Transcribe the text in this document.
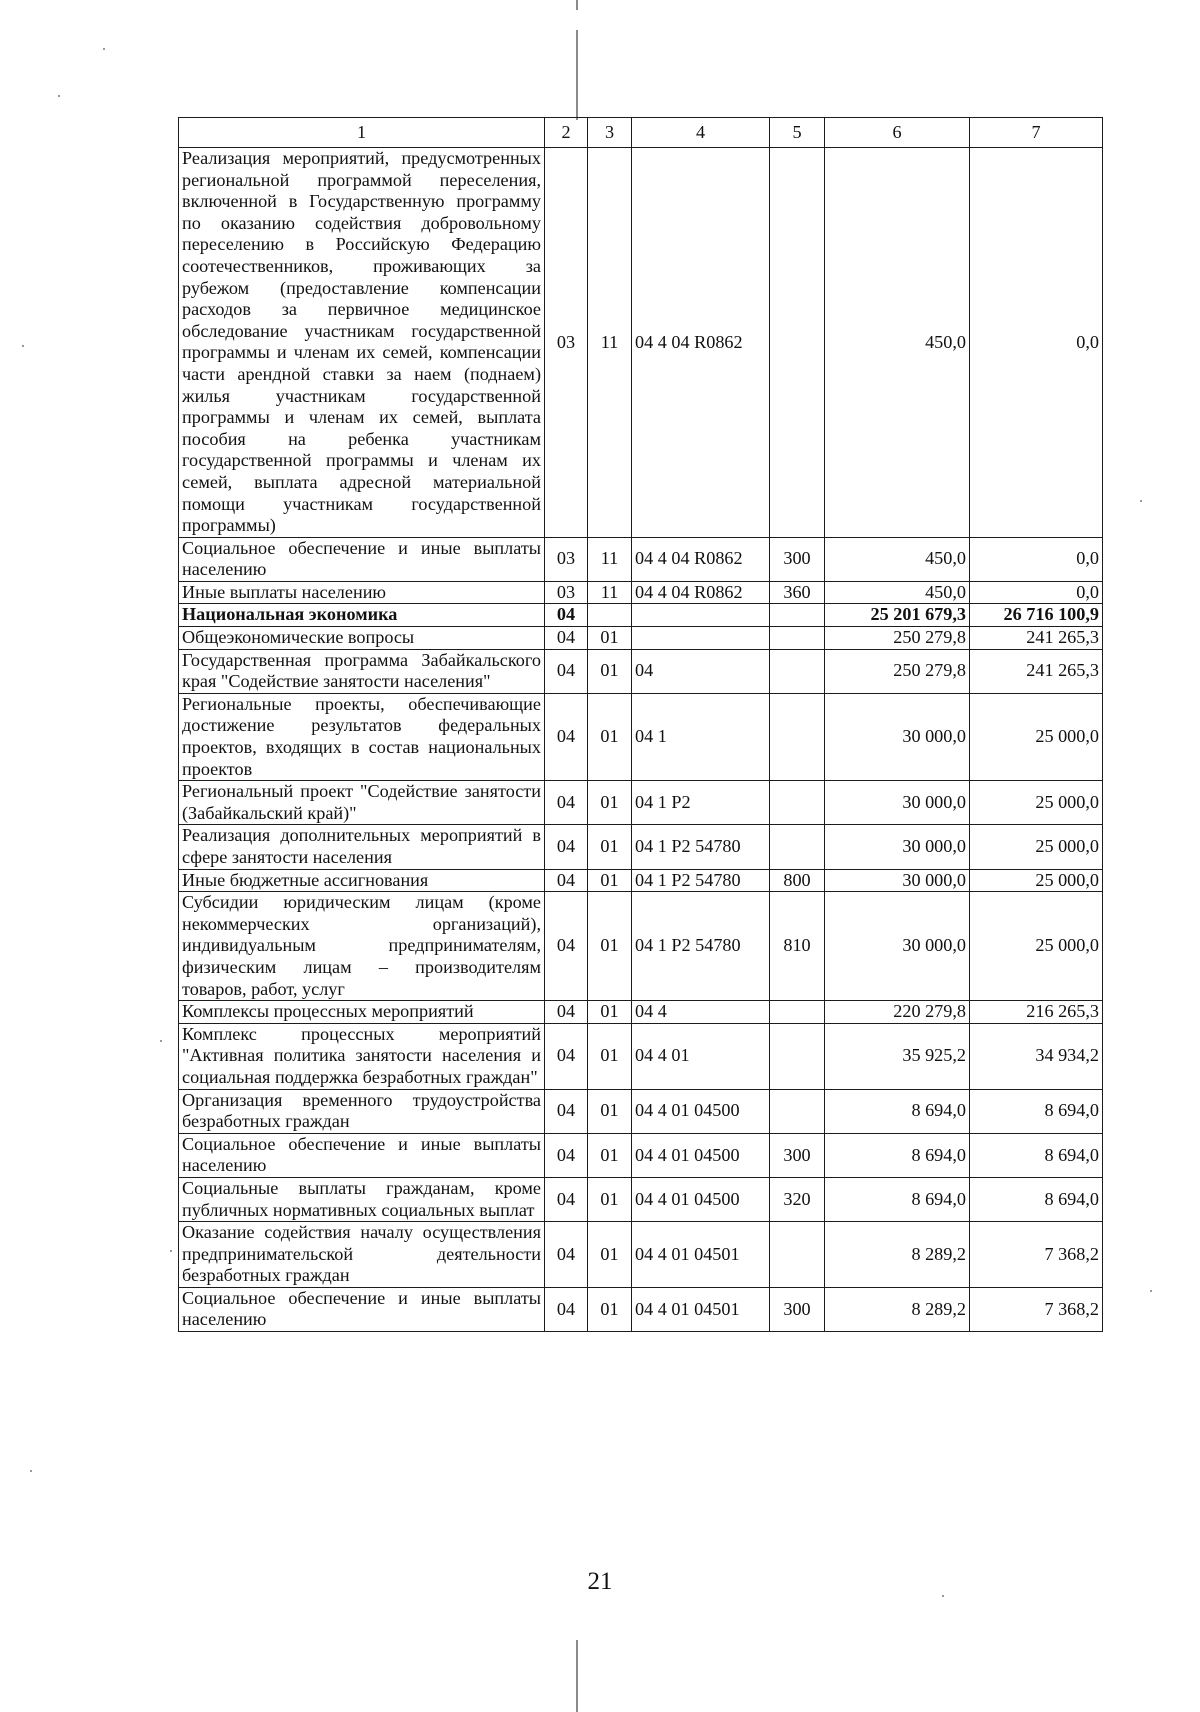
1	2	3	4	5	6	7
Реализация мероприятий, предусмотренных региональной программой переселения, включенной в Государственную программу по оказанию содействия добровольному переселению в Российскую Федерацию соотечественников, проживающих за рубежом (предоставление компенсации расходов за первичное медицинское обследование участникам государственной программы и членам их семей, компенсации части арендной ставки за наем (поднаем) жилья участникам государственной программы и членам их семей, выплата пособия на ребенка участникам государственной программы и членам их семей, выплата адресной материальной помощи участникам государственной программы)	03	11	04 4 04 R0862		450,0	0,0
Социальное обеспечение и иные выплаты населению	03	11	04 4 04 R0862	300	450,0	0,0
Иные выплаты населению	03	11	04 4 04 R0862	360	450,0	0,0
Национальная экономика	04				25 201 679,3	26 716 100,9
Общеэкономические вопросы	04	01			250 279,8	241 265,3
Государственная программа Забайкальского края "Содействие занятости населения"	04	01	04		250 279,8	241 265,3
Региональные проекты, обеспечивающие достижение результатов федеральных проектов, входящих в состав национальных проектов	04	01	04 1		30 000,0	25 000,0
Региональный проект "Содействие занятости (Забайкальский край)"	04	01	04 1 P2		30 000,0	25 000,0
Реализация дополнительных мероприятий в сфере занятости населения	04	01	04 1 P2 54780		30 000,0	25 000,0
Иные бюджетные ассигнования	04	01	04 1 P2 54780	800	30 000,0	25 000,0
Субсидии юридическим лицам (кроме некоммерческих организаций), индивидуальным предпринимателям, физическим лицам – производителям товаров, работ, услуг	04	01	04 1 P2 54780	810	30 000,0	25 000,0
Комплексы процессных мероприятий	04	01	04 4		220 279,8	216 265,3
Комплекс процессных мероприятий "Активная политика занятости населения и социальная поддержка безработных граждан"	04	01	04 4 01		35 925,2	34 934,2
Организация временного трудоустройства безработных граждан	04	01	04 4 01 04500		8 694,0	8 694,0
Социальное обеспечение и иные выплаты населению	04	01	04 4 01 04500	300	8 694,0	8 694,0
Социальные выплаты гражданам, кроме публичных нормативных социальных выплат	04	01	04 4 01 04500	320	8 694,0	8 694,0
Оказание содействия началу осуществления предпринимательской деятельности безработных граждан	04	01	04 4 01 04501		8 289,2	7 368,2
Социальное обеспечение и иные выплаты населению	04	01	04 4 01 04501	300	8 289,2	7 368,2
21
